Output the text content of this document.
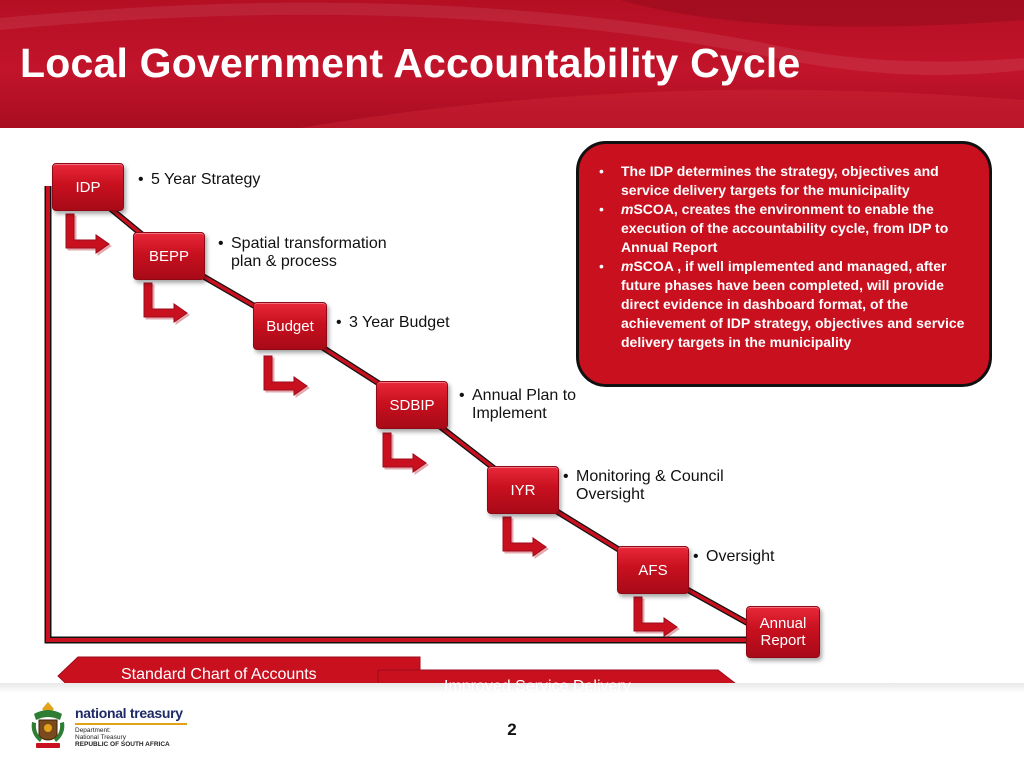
Local Government Accountability Cycle
IDP
BEPP
Budget
SDBIP
IYR
AFS
Annual
Report
• 5 Year Strategy
• Spatial transformation
plan & process
• 3 Year Budget
• Annual Plan to
Implement
• Monitoring & Council
Oversight
• Oversight
•	The IDP determines the strategy, objectives and service delivery targets for the municipality
•	mSCOA, creates the environment to enable the execution of the accountability cycle, from IDP to Annual Report
•	mSCOA , if well implemented and managed, after future phases have been completed, will provide direct evidence in dashboard format, of the achievement of IDP strategy, objectives and service delivery targets in the municipality
Standard Chart of Accounts
Improved Service Delivery
national treasury
Department:
National Treasury
REPUBLIC OF SOUTH AFRICA
2
